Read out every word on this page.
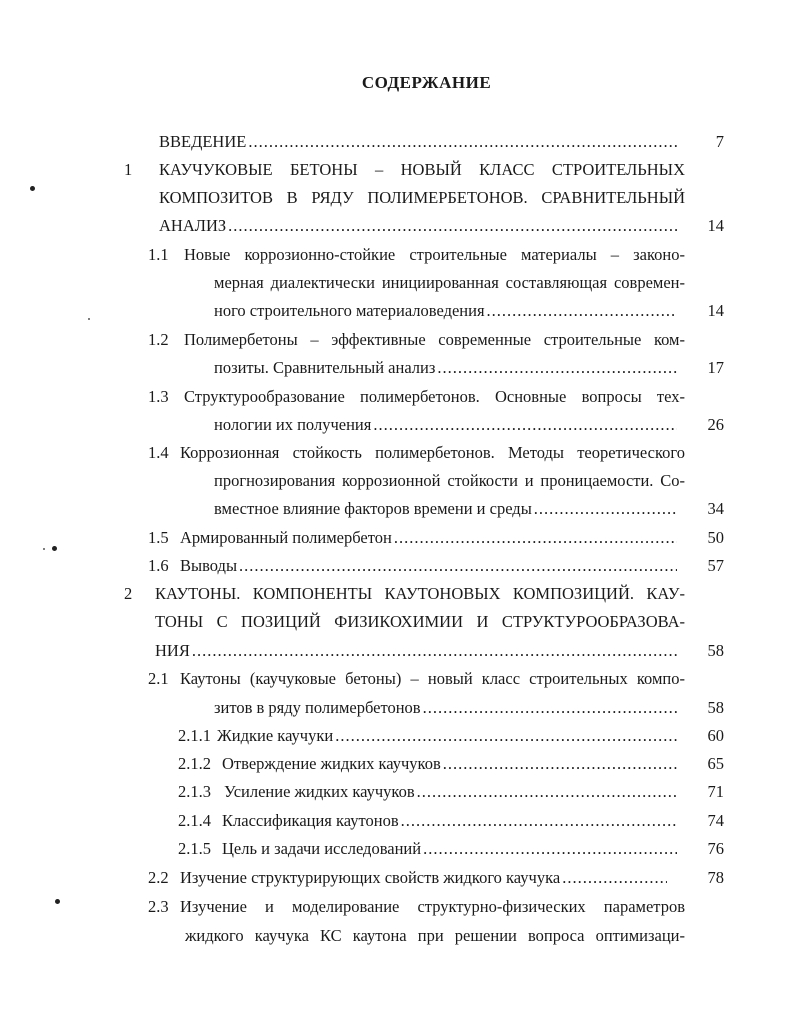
СОДЕРЖАНИЕ
ВВЕДЕНИЕ .....	7
1 КАУЧУКОВЫЕ БЕТОНЫ – НОВЫЙ КЛАСС СТРОИТЕЛЬНЫХ
КОМПОЗИТОВ В РЯДУ ПОЛИМЕРБЕТОНОВ. СРАВНИТЕЛЬНЫЙ
АНАЛИЗ .....	14
1.1 Новые коррозионно-стойкие строительные материалы – законо-
мерная диалектически инициированная составляющая современ-
ного строительного материаловедения .....	14
1.2 Полимербетоны – эффективные современные строительные ком-
позиты. Сравнительный анализ .....	17
1.3 Структурообразование полимербетонов. Основные вопросы тех-
нологии их получения .....	26
1.4 Коррозионная стойкость полимербетонов. Методы теоретического
прогнозирования коррозионной стойкости и проницаемости. Со-
вместное влияние факторов времени и среды .....	34
1.5 Армированный полимербетон .....	50
1.6 Выводы .....	57
2 КАУТОНЫ. КОМПОНЕНТЫ КАУТОНОВЫХ КОМПОЗИЦИЙ. КАУ-
ТОНЫ С ПОЗИЦИЙ ФИЗИКОХИМИИ И СТРУКТУРООБРАЗОВА-
НИЯ .....	58
2.1 Каутоны (каучуковые бетоны) – новый класс строительных компо-
зитов в ряду полимербетонов .....	58
2.1.1 Жидкие каучуки .....	60
2.1.2 Отверждение жидких каучуков .....	65
2.1.3 Усиление жидких каучуков .....	71
2.1.4 Классификация каутонов .....	74
2.1.5 Цель и задачи исследований .....	76
2.2 Изучение структурирующих свойств жидкого каучука .....	78
2.3 Изучение и моделирование структурно-физических параметров
жидкого каучука КС каутона при решении вопроса оптимизаци-
